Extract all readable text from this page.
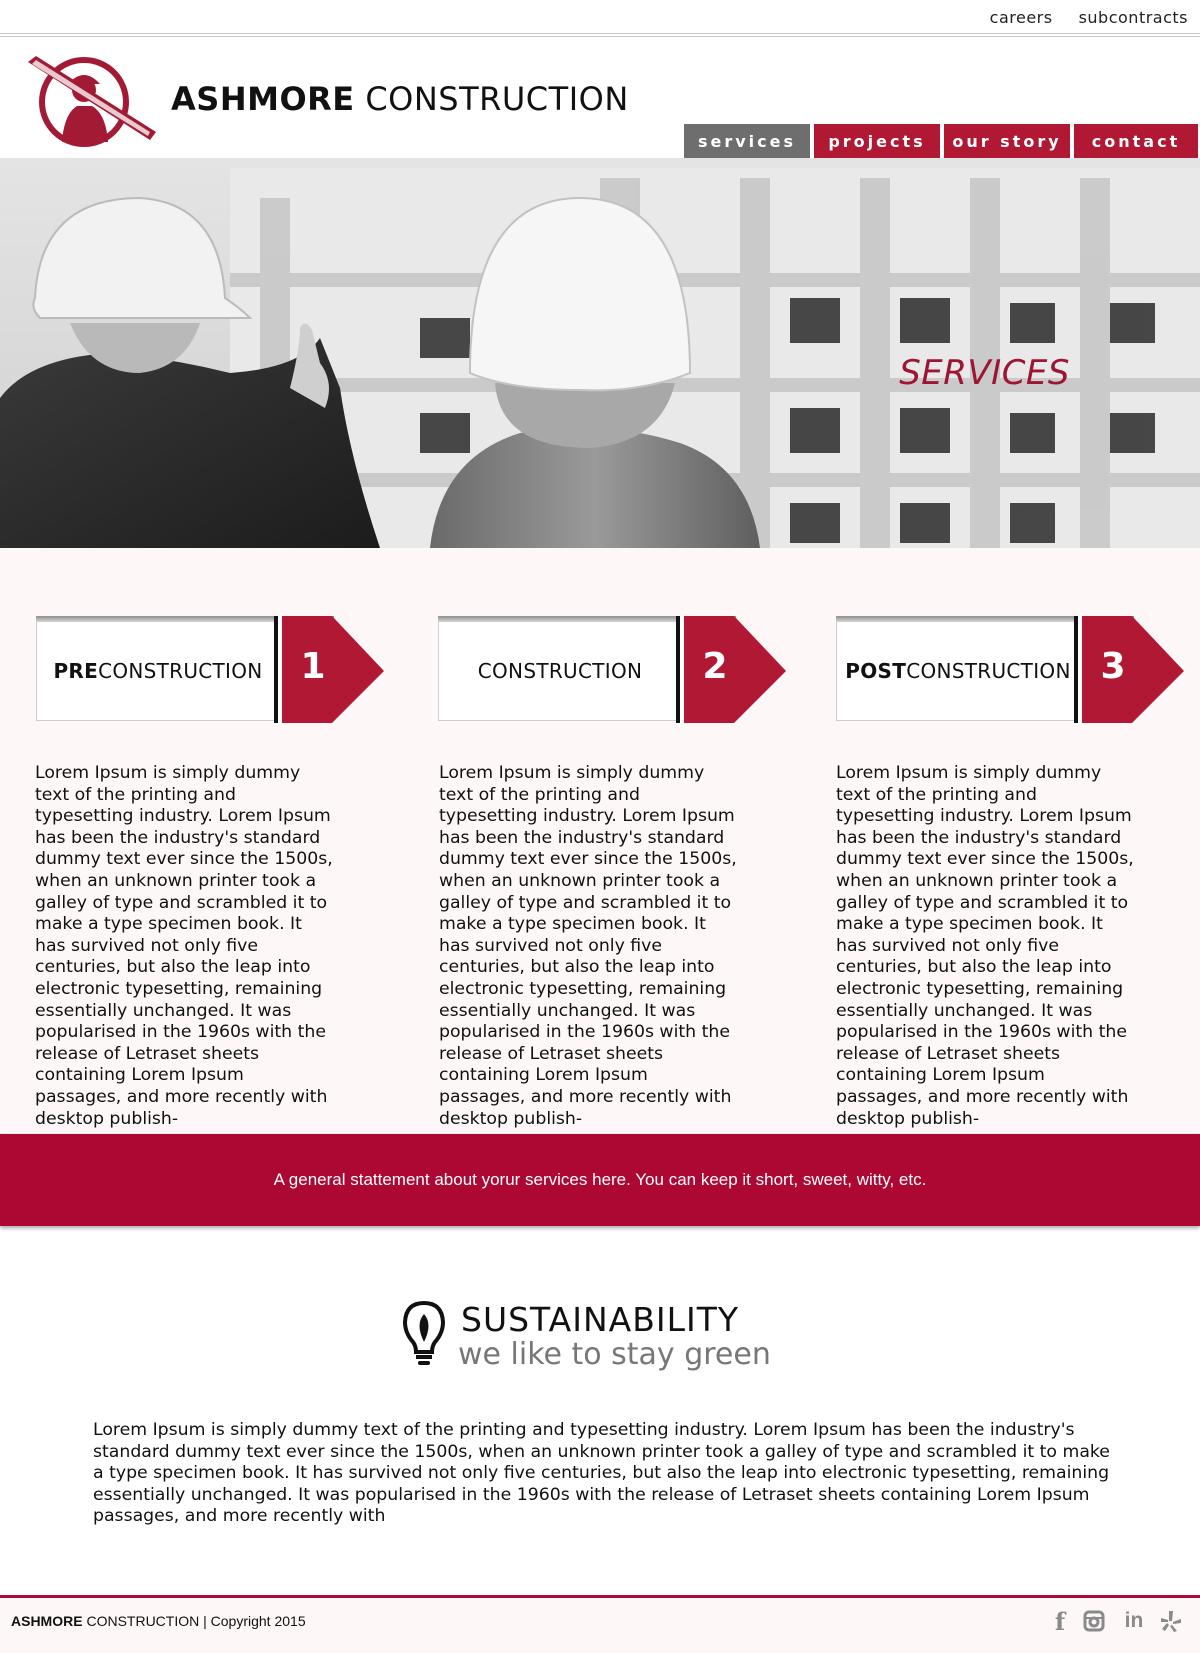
careers subcontracts
ASHMORE CONSTRUCTION
services	projects	our story	contact
SERVICES
PRE CONSTRUCTION	1
Lorem Ipsum is simply dummy text of the printing and typesetting industry. Lorem Ipsum has been the industry's standard dummy text ever since the 1500s, when an unknown printer took a galley of type and scrambled it to make a type specimen book. It has survived not only five centuries, but also the leap into electronic typesetting, remaining essentially unchanged. It was popularised in the 1960s with the release of Letraset sheets containing Lorem Ipsum passages, and more recently with desktop publish-
CONSTRUCTION	2
Lorem Ipsum is simply dummy text of the printing and typesetting industry. Lorem Ipsum has been the industry's standard dummy text ever since the 1500s, when an unknown printer took a galley of type and scrambled it to make a type specimen book. It has survived not only five centuries, but also the leap into electronic typesetting, remaining essentially unchanged. It was popularised in the 1960s with the release of Letraset sheets containing Lorem Ipsum passages, and more recently with desktop publish-
POST CONSTRUCTION 3
Lorem Ipsum is simply dummy text of the printing and typesetting industry. Lorem Ipsum has been the industry's standard dummy text ever since the 1500s, when an unknown printer took a galley of type and scrambled it to make a type specimen book. It has survived not only five centuries, but also the leap into electronic typesetting, remaining essentially unchanged. It was popularised in the 1960s with the release of Letraset sheets containing Lorem Ipsum passages, and more recently with desktop publish-
A general stattement about yorur services here. You can keep it short, sweet, witty, etc.
SUSTAINABILITY
we like to stay green
Lorem Ipsum is simply dummy text of the printing and typesetting industry. Lorem Ipsum has been the industry's standard dummy text ever since the 1500s, when an unknown printer took a galley of type and scrambled it to make a type specimen book. It has survived not only five centuries, but also the leap into electronic typesetting, remaining essentially unchanged. It was popularised in the 1960s with the release of Letraset sheets containing Lorem Ipsum passages, and more recently with
ASHMORE CONSTRUCTION | Copyright 2015	f	in
